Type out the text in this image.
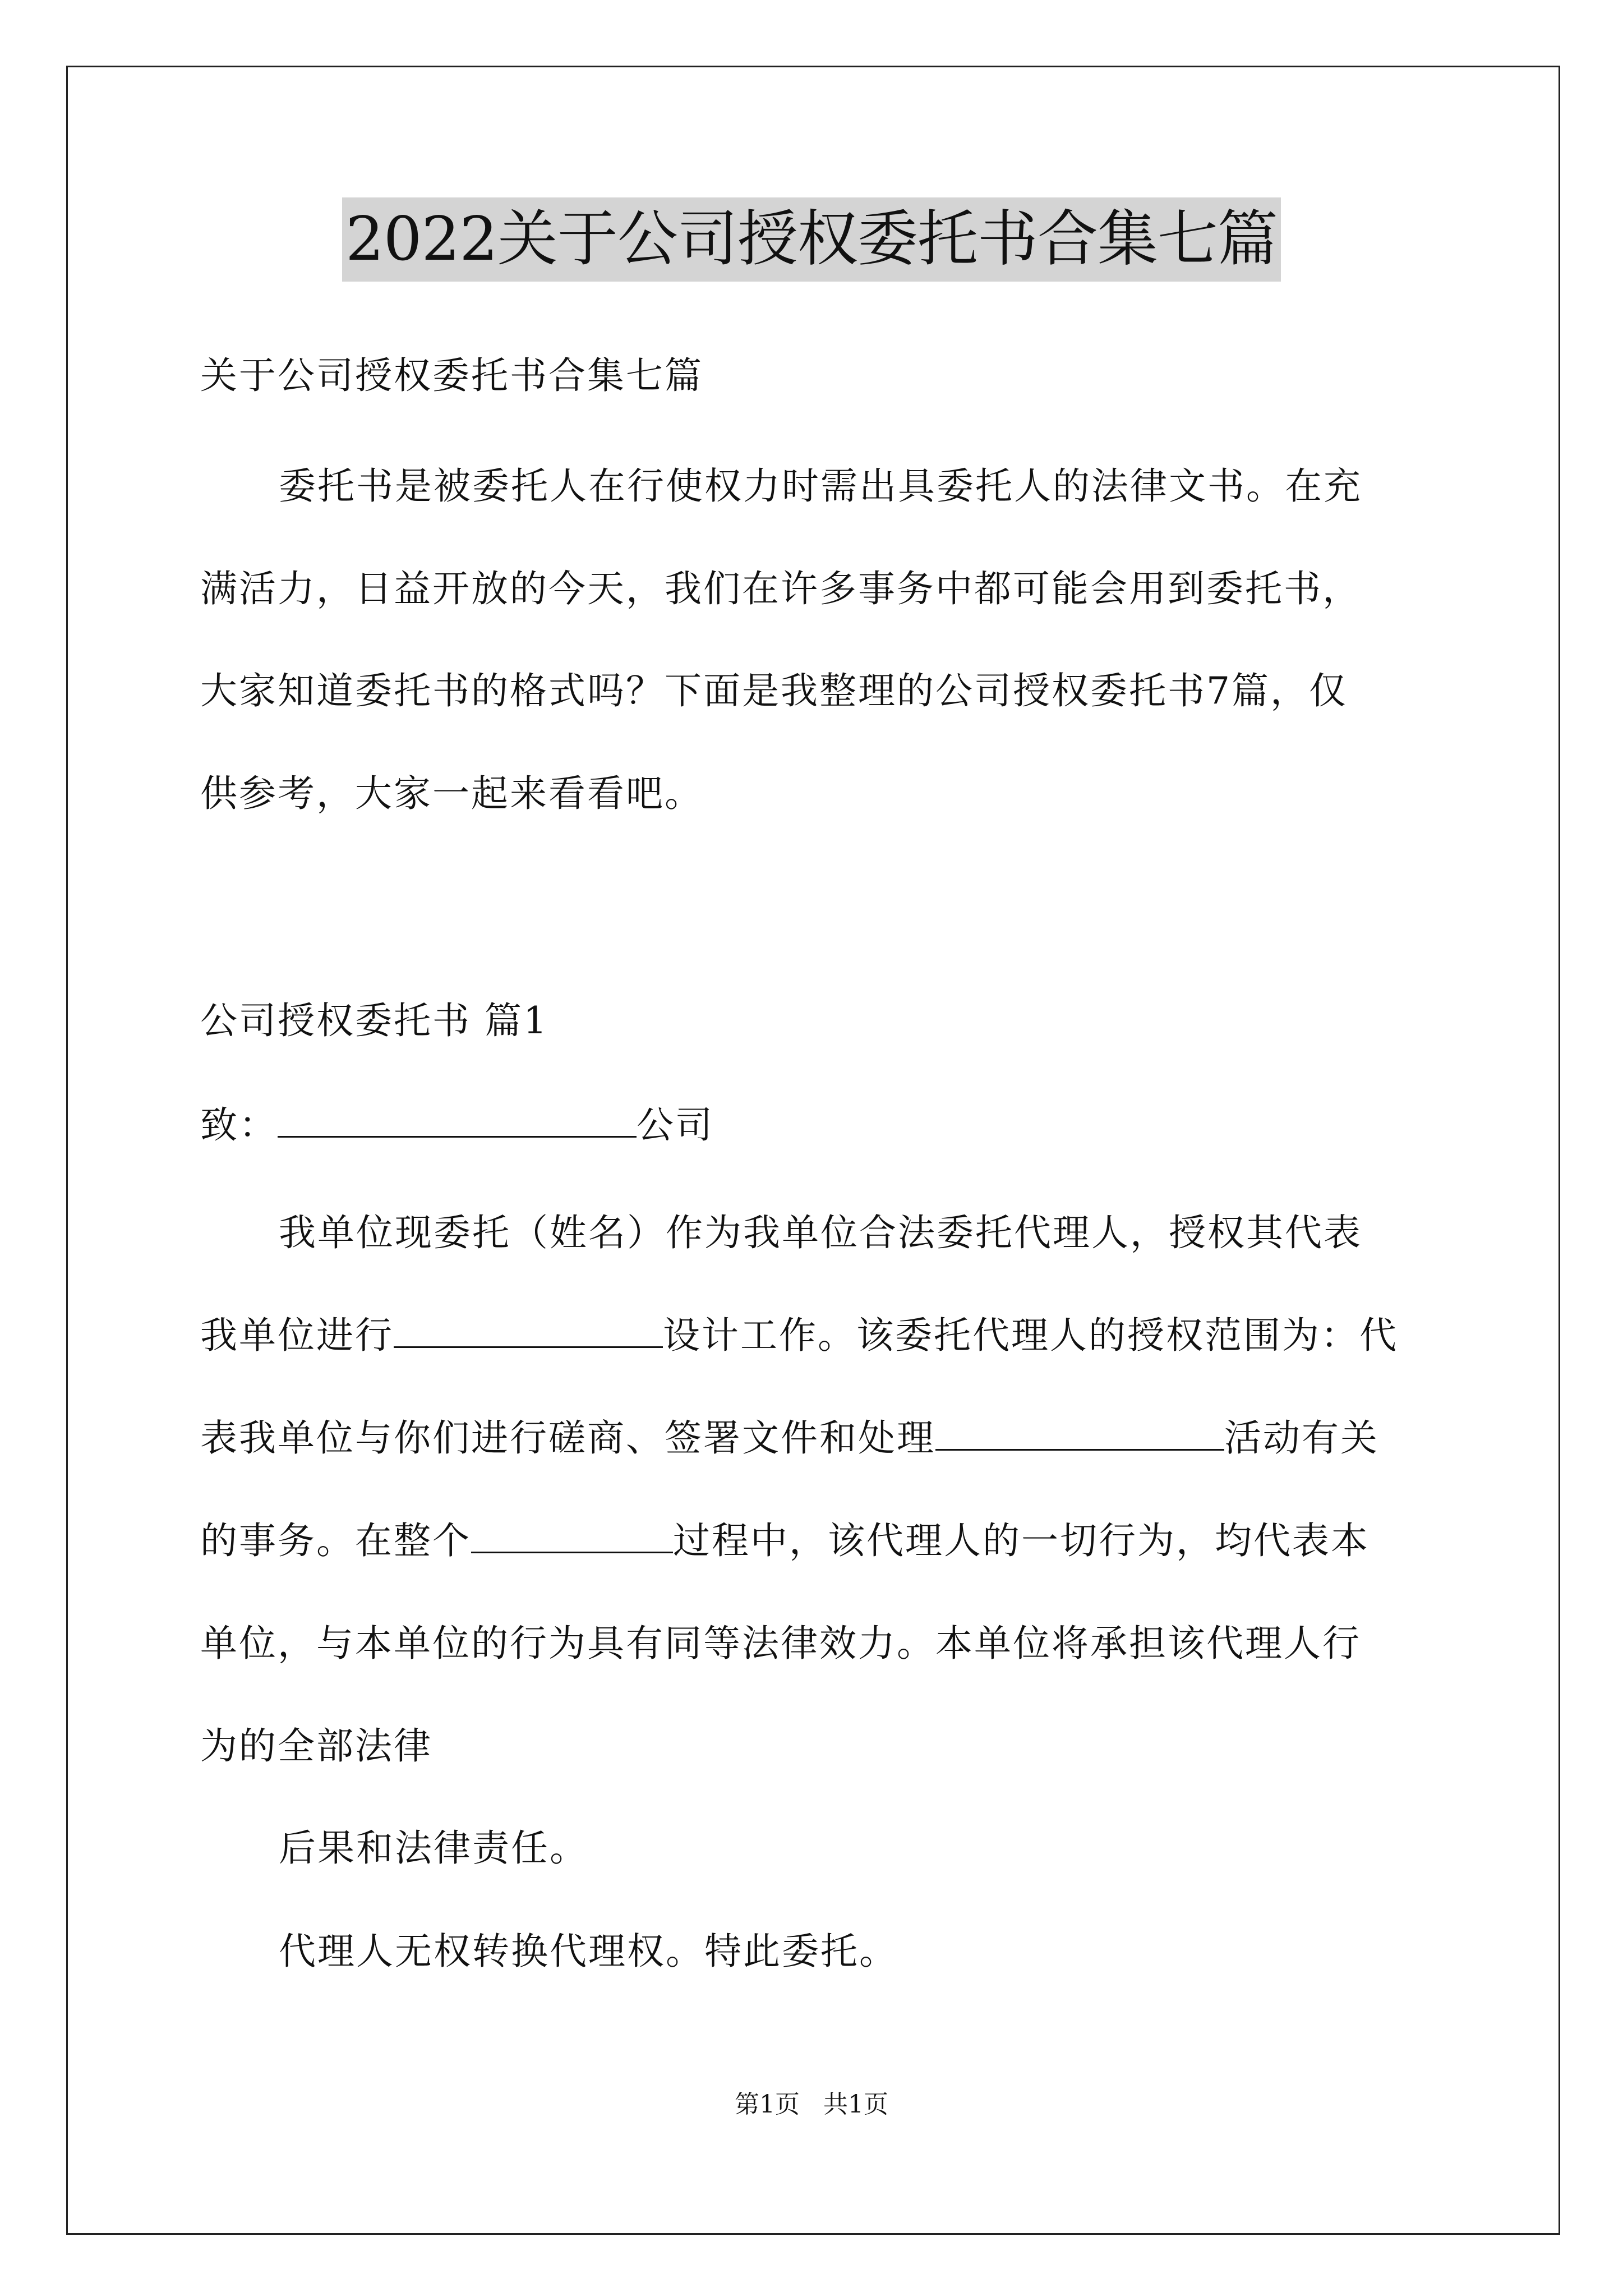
2022关于公司授权委托书合集七篇
关于公司授权委托书合集七篇
委托书是被委托人在行使权力时需出具委托人的法律文书。在充
满活力，日益开放的今天，我们在许多事务中都可能会用到委托书，
大家知道委托书的格式吗？下面是我整理的公司授权委托书7篇，仅
供参考，大家一起来看看吧。
公司授权委托书 篇1
致：	公司
我单位现委托（姓名）作为我单位合法委托代理人，授权其代表
我单位进行	设计工作。该委托代理人的授权范围为：代
表我单位与你们进行磋商、签署文件和处理	活动有关
的事务。在整个	过程中，该代理人的一切行为，均代表本
单位，与本单位的行为具有同等法律效力。本单位将承担该代理人行
为的全部法律
后果和法律责任。
代理人无权转换代理权。特此委托。
第1页   共1页
